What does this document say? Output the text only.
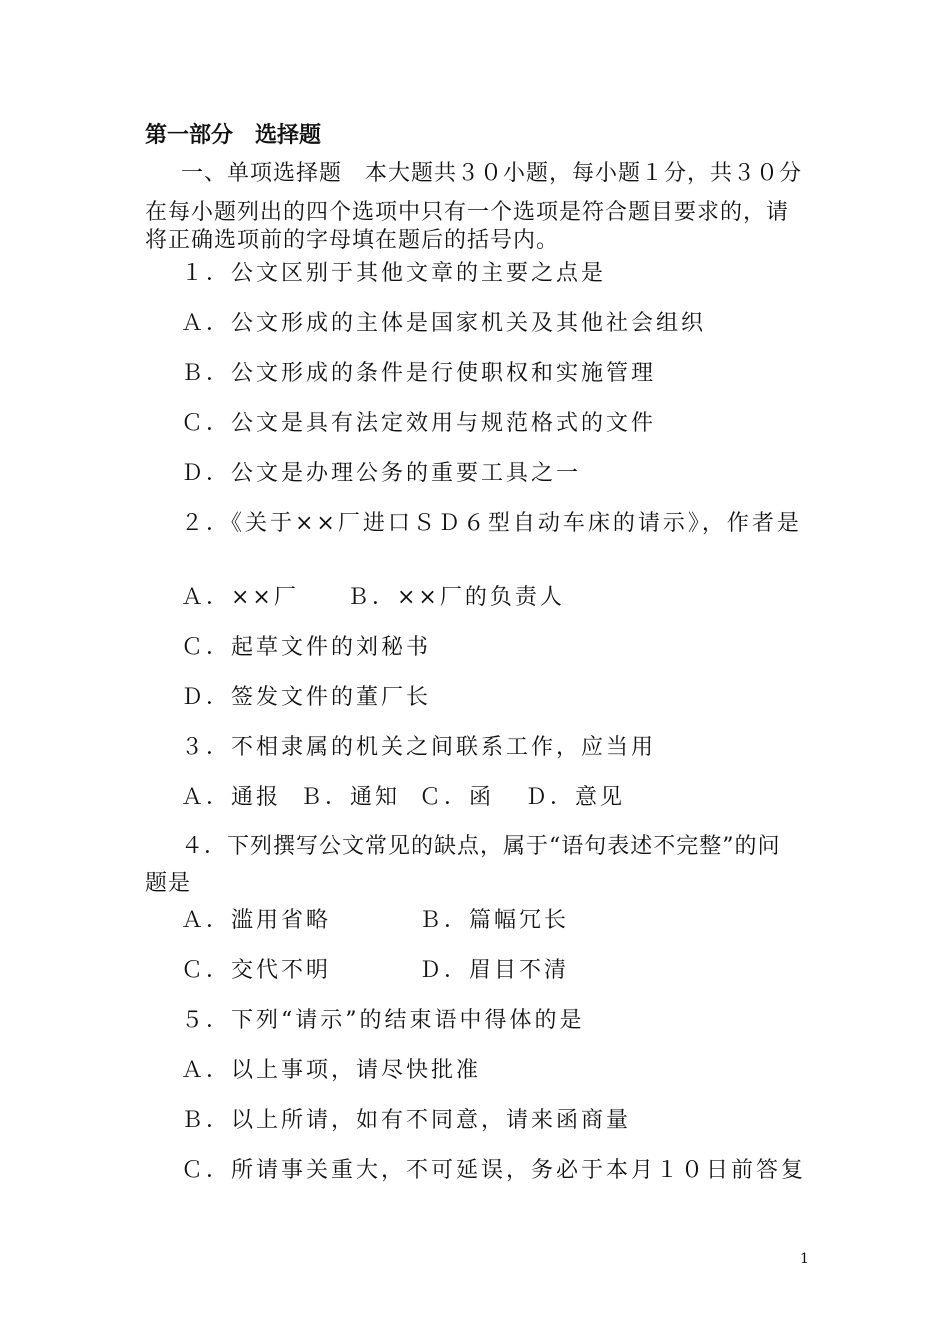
第一部分　选择题
一、单项选择题　本大题共３０小题，每小题１分，共３０分
在每小题列出的四个选项中只有一个选项是符合题目要求的，请
将正确选项前的字母填在题后的括号内。
１．公文区别于其他文章的主要之点是
Ａ．公文形成的主体是国家机关及其他社会组织
Ｂ．公文形成的条件是行使职权和实施管理
Ｃ．公文是具有法定效用与规范格式的文件
Ｄ．公文是办理公务的重要工具之一
２．《关于××厂进口ＳＤ６型自动车床的请示》，作者是
Ａ．××厂 Ｂ．××厂的负责人
Ｃ．起草文件的刘秘书
Ｄ．签发文件的董厂长
３．不相隶属的机关之间联系工作，应当用
Ａ．通报 Ｂ．通知 Ｃ．函 Ｄ．意见
４．下列撰写公文常见的缺点，属于“语句表述不完整”的问
题是
Ａ．滥用省略	Ｂ．篇幅冗长
Ｃ．交代不明	Ｄ．眉目不清
５．下列“请示”的结束语中得体的是
Ａ．以上事项，请尽快批准
Ｂ．以上所请，如有不同意，请来函商量
Ｃ．所请事关重大，不可延误，务必于本月１０日前答复
1
